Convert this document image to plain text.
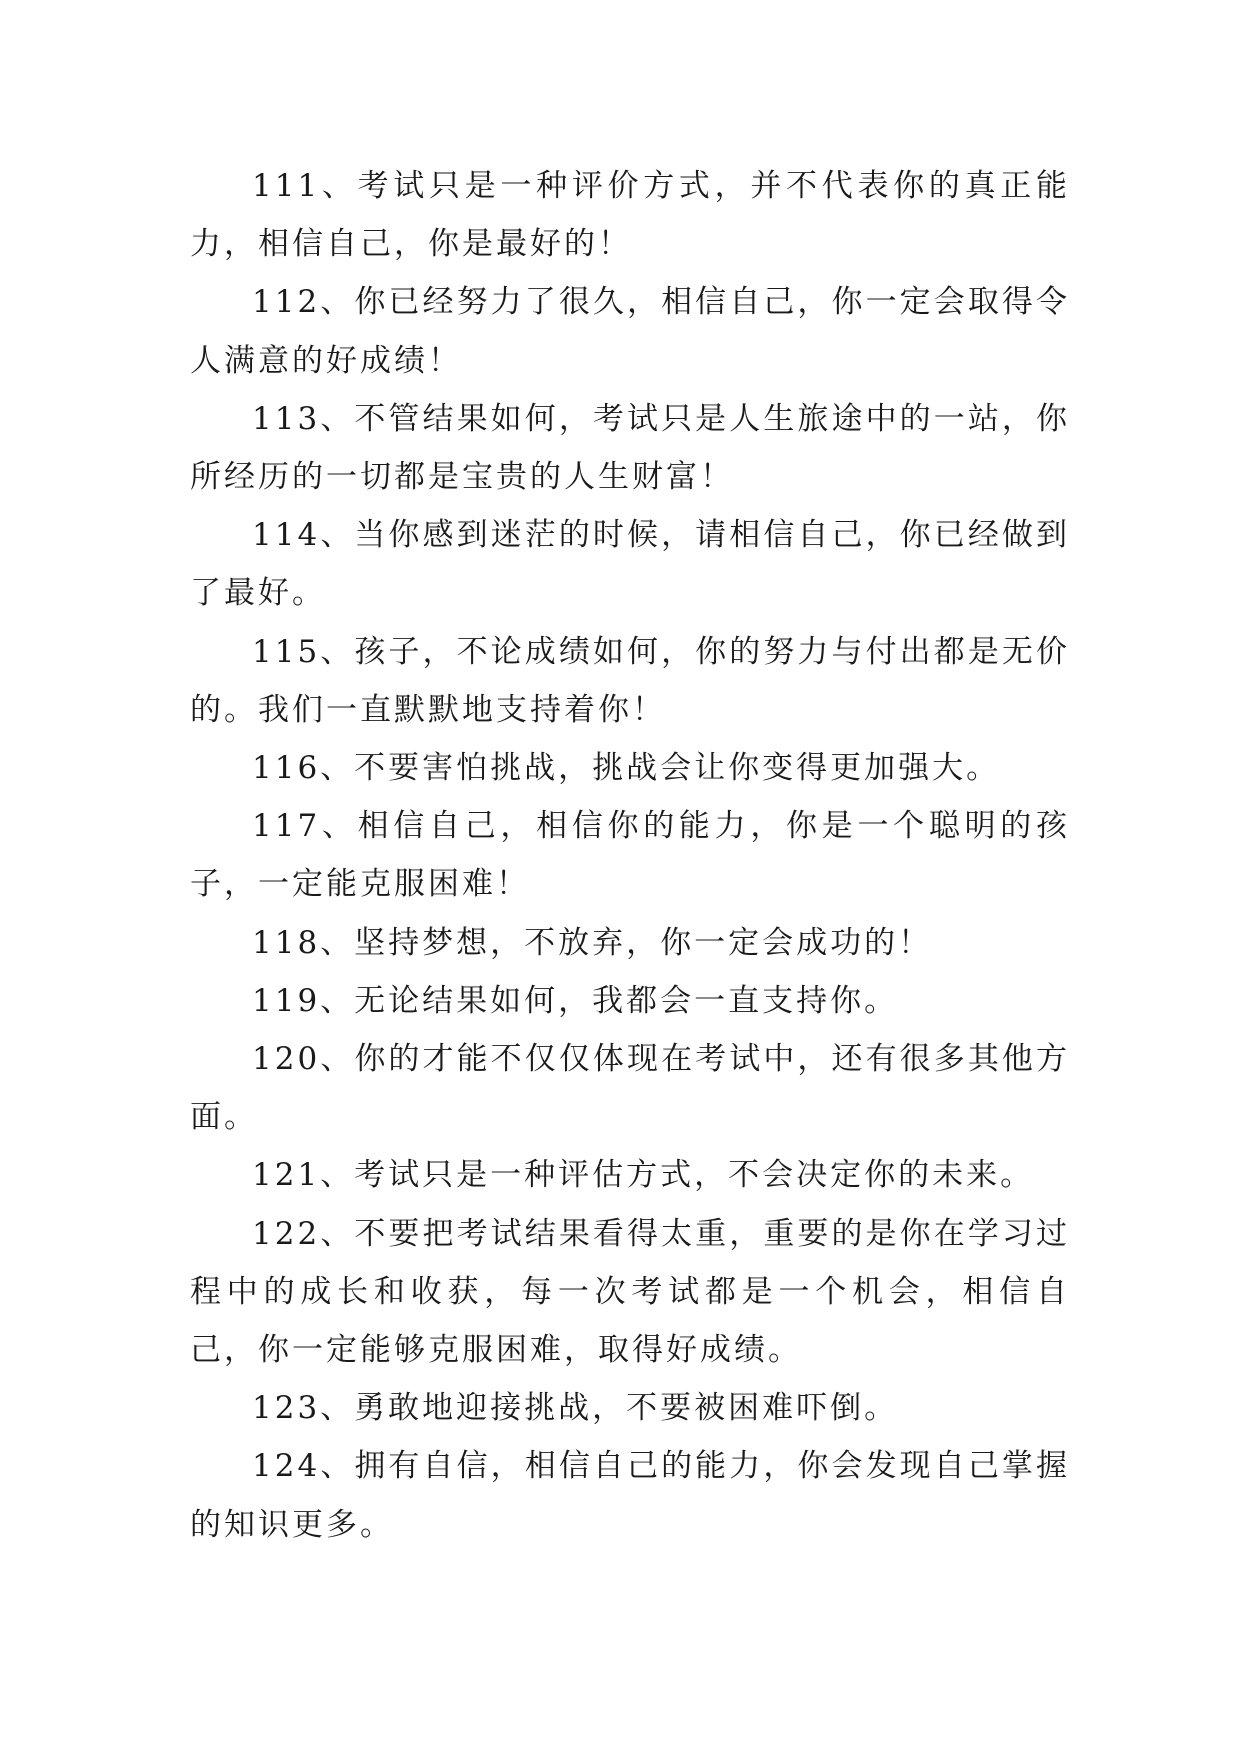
111、考试只是一种评价方式，并不代表你的真正能力，相信自己，你是最好的！

112、你已经努力了很久，相信自己，你一定会取得令人满意的好成绩！

113、不管结果如何，考试只是人生旅途中的一站，你所经历的一切都是宝贵的人生财富！

114、当你感到迷茫的时候，请相信自己，你已经做到了最好。

115、孩子，不论成绩如何，你的努力与付出都是无价的。我们一直默默地支持着你！

116、不要害怕挑战，挑战会让你变得更加强大。

117、相信自己，相信你的能力，你是一个聪明的孩子，一定能克服困难！

118、坚持梦想，不放弃，你一定会成功的！

119、无论结果如何，我都会一直支持你。

120、你的才能不仅仅体现在考试中，还有很多其他方面。

121、考试只是一种评估方式，不会决定你的未来。

122、不要把考试结果看得太重，重要的是你在学习过程中的成长和收获，每一次考试都是一个机会，相信自己，你一定能够克服困难，取得好成绩。

123、勇敢地迎接挑战，不要被困难吓倒。

124、拥有自信，相信自己的能力，你会发现自己掌握的知识更多。
